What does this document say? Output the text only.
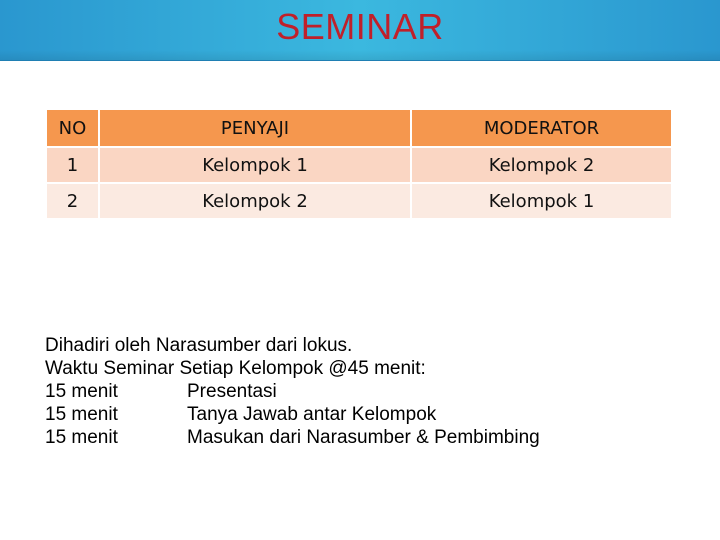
SEMINAR
NO	PENYAJI	MODERATOR
1	Kelompok 1	Kelompok 2
2	Kelompok 2	Kelompok 1
Dihadiri oleh Narasumber dari lokus.
Waktu Seminar Setiap Kelompok @45 menit:
15 menit	Presentasi
15 menit	Tanya Jawab antar Kelompok
15 menit	Masukan dari Narasumber & Pembimbing
